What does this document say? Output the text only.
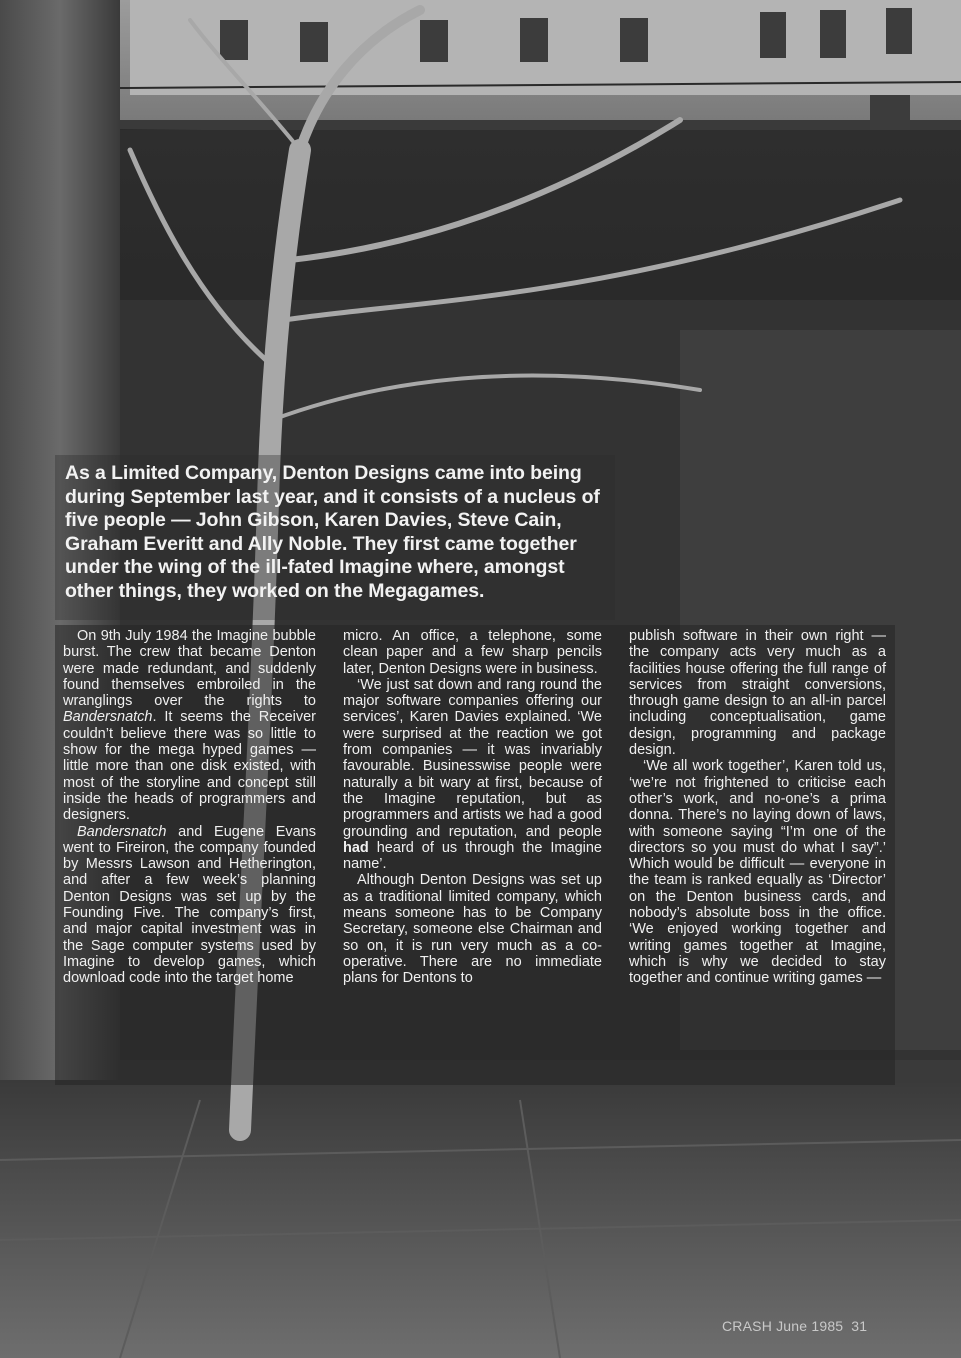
As a Limited Company, Denton Designs came into being during September last year, and it consists of a nucleus of five people — John Gibson, Karen Davies, Steve Cain, Graham Everitt and Ally Noble. They first came together under the wing of the ill-fated Imagine where, amongst other things, they worked on the Megagames.

On 9th July 1984 the Imagine bubble burst. The crew that became Denton were made redundant, and suddenly found themselves embroiled in the wranglings over the rights to Bandersnatch. It seems the Receiver couldn’t believe there was so little to show for the mega hyped games — little more than one disk existed, with most of the storyline and concept still inside the heads of programmers and designers.

Bandersnatch and Eugene Evans went to Fireiron, the company founded by Messrs Lawson and Hetherington, and after a few week’s planning Denton Designs was set up by the Founding Five. The company’s first, and major capital investment was in the Sage computer systems used by Imagine to develop games, which download code into the target home

micro. An office, a telephone, some clean paper and a few sharp pencils later, Denton Designs were in business.

‘We just sat down and rang round the major software companies offering our services’, Karen Davies explained. ‘We were surprised at the reaction we got from companies — it was invariably favourable. Businesswise people were naturally a bit wary at first, because of the Imagine reputation, but as programmers and artists we had a good grounding and reputation, and people had heard of us through the Imagine name’.

Although Denton Designs was set up as a traditional limited company, which means someone has to be Company Secretary, someone else Chairman and so on, it is run very much as a co-operative. There are no immediate plans for Dentons to

publish software in their own right — the company acts very much as a facilities house offering the full range of services from straight conversions, through game design to an all-in parcel including conceptualisation, game design, programming and package design.

‘We all work together’, Karen told us, ‘we’re not frightened to criticise each other’s work, and no-one’s a prima donna. There’s no laying down of laws, with someone saying “I’m one of the directors so you must do what I say”.’ Which would be difficult — everyone in the team is ranked equally as ‘Director’ on the Denton business cards, and nobody’s absolute boss in the office. ‘We enjoyed working together and writing games together at Imagine, which is why we decided to stay together and continue writing games —

CRASH June 1985 31
